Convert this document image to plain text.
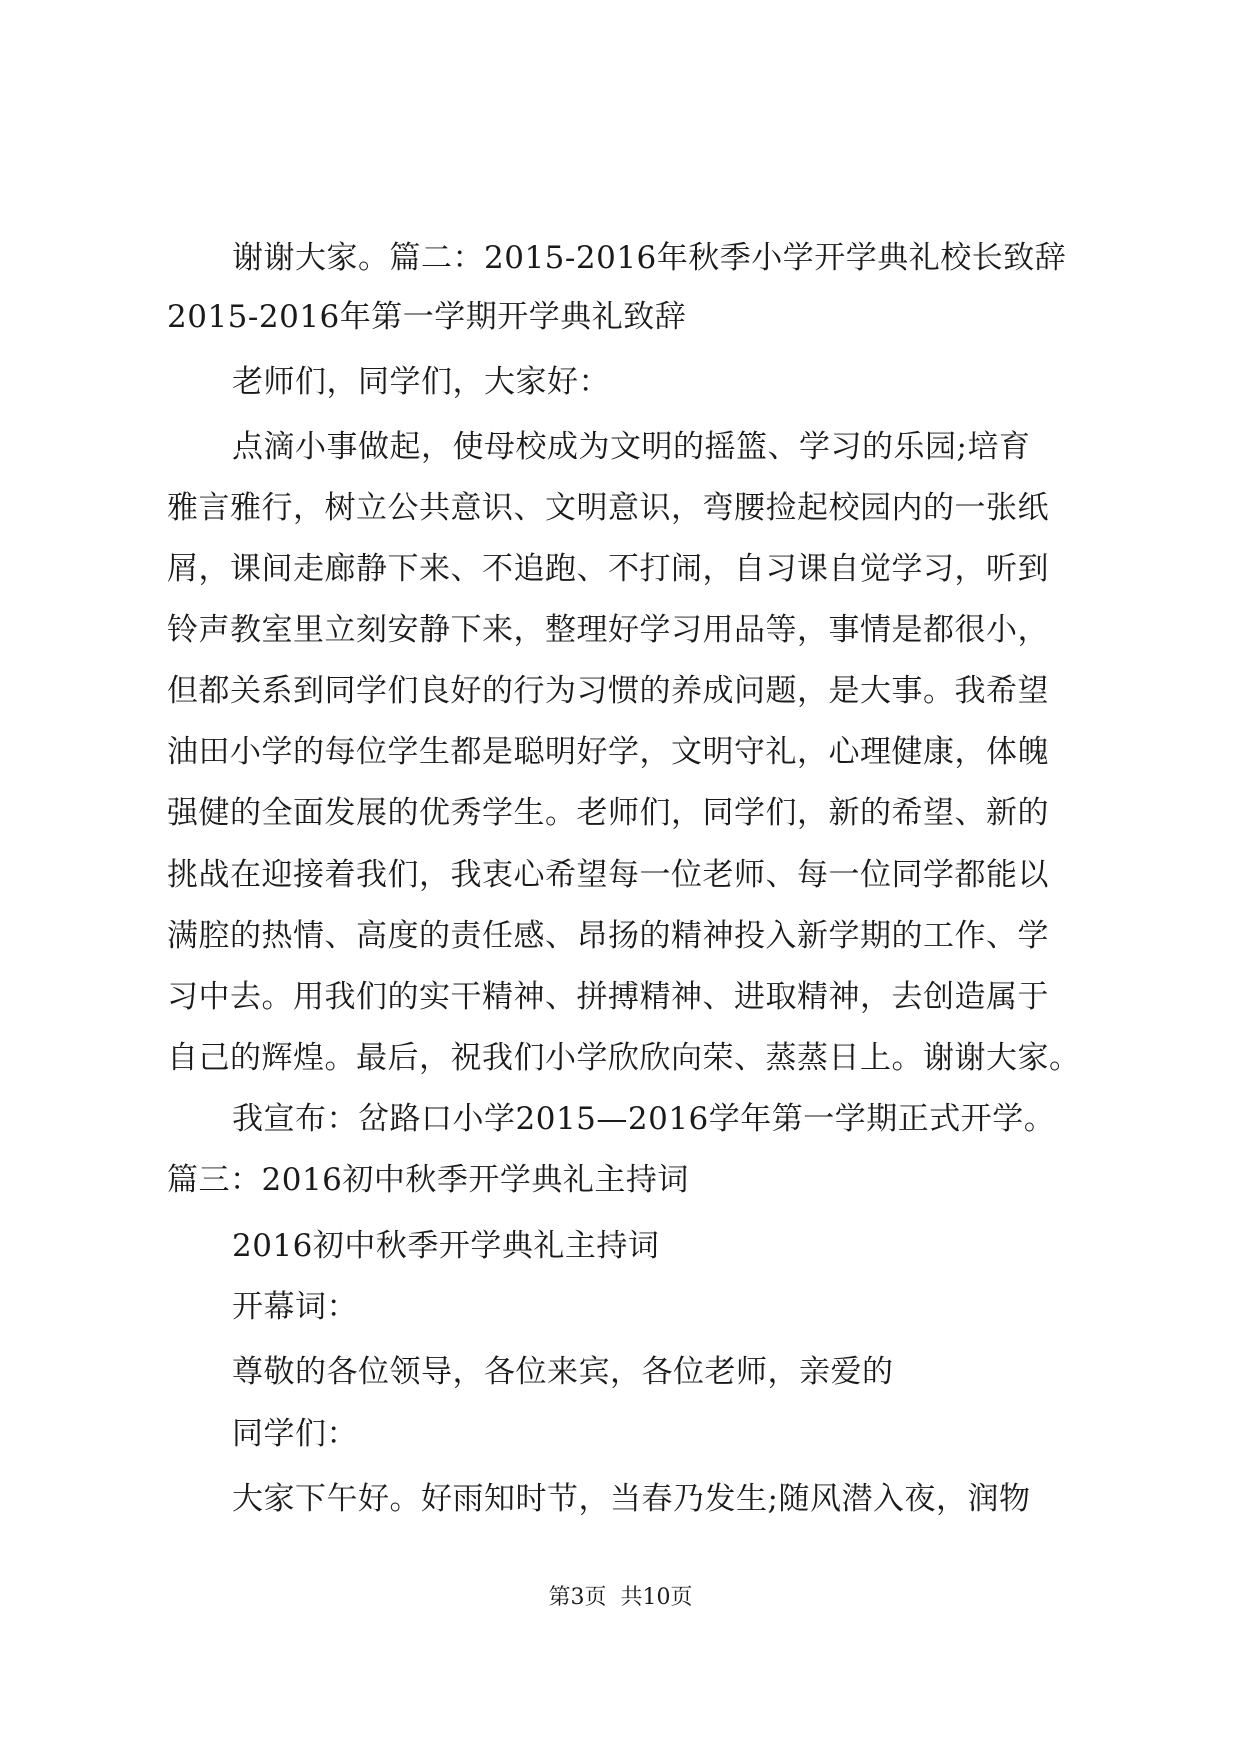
谢谢大家。篇二：2015-2016年秋季小学开学典礼校长致辞
2015-2016年第一学期开学典礼致辞
老师们，同学们，大家好：
点滴小事做起，使母校成为文明的摇篮、学习的乐园;培育
雅言雅行，树立公共意识、文明意识，弯腰捡起校园内的一张纸
屑，课间走廊静下来、不追跑、不打闹，自习课自觉学习，听到
铃声教室里立刻安静下来，整理好学习用品等，事情是都很小，
但都关系到同学们良好的行为习惯的养成问题，是大事。我希望
油田小学的每位学生都是聪明好学，文明守礼，心理健康，体魄
强健的全面发展的优秀学生。老师们，同学们，新的希望、新的
挑战在迎接着我们，我衷心希望每一位老师、每一位同学都能以
满腔的热情、高度的责任感、昂扬的精神投入新学期的工作、学
习中去。用我们的实干精神、拼搏精神、进取精神，去创造属于
自己的辉煌。最后，祝我们小学欣欣向荣、蒸蒸日上。谢谢大家。
我宣布：岔路口小学2015—2016学年第一学期正式开学。
篇三：2016初中秋季开学典礼主持词
2016初中秋季开学典礼主持词
开幕词：
尊敬的各位领导，各位来宾，各位老师，亲爱的
同学们：
大家下午好。好雨知时节，当春乃发生;随风潜入夜，润物
第3页  共10页
